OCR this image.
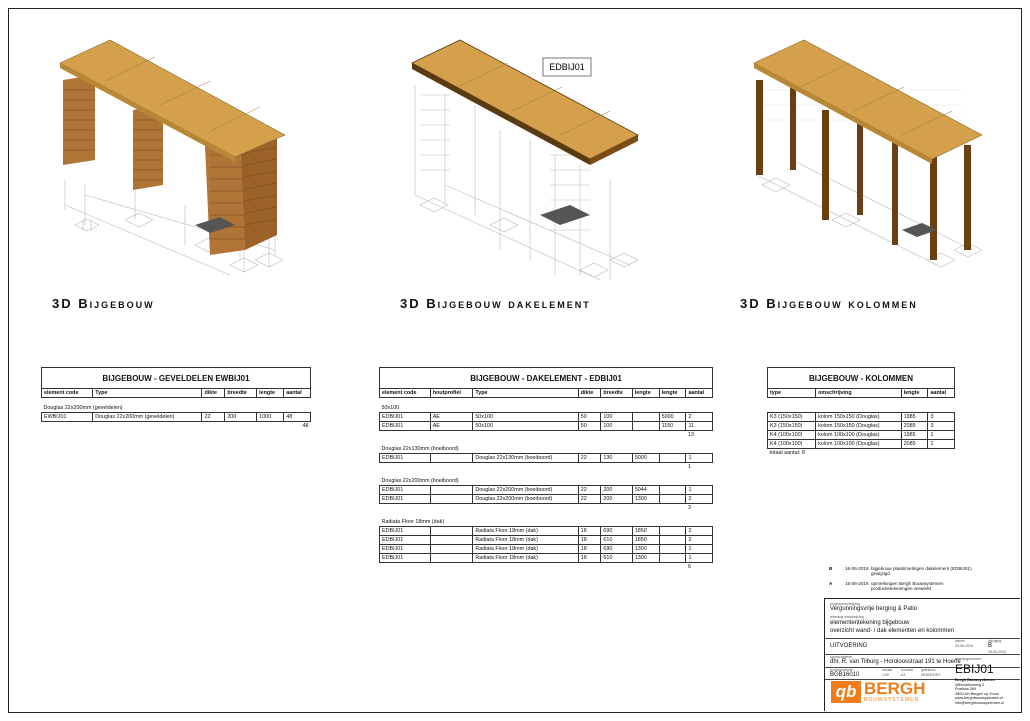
EDBIJ01
3D Bijgebouw	3D Bijgebouw dakelement	3D Bijgebouw kolommen
BIJGEBOUW - GEVELDELEN EWBIJ01
element code	Type	dikte	breedte	lengte	aantal
Douglas 22x200mm (geveldelen)					
EWBIJ01	Douglas 22x200mm (geveldelen)	22	200	1000	48
48					
BIJGEBOUW - DAKELEMENT - EDBIJ01
element code	houtprofiel	Type	dikte	breedte	lengte	lengte	aantal
50x100							
EDBIJ01	AE	50x100	50	100		5000	2
EDBIJ01	AE	50x100	50	100		1150	11
							13
Douglas 22x130mm (boeiboord)							
EDBIJ01		Douglas 22x130mm (boeiboord)	22	130	5000		1
							1
Douglas 22x200mm (boeiboord)							
EDBIJ01		Douglas 22x200mm (boeiboord)	22	200	5044		1
EDBIJ01		Douglas 22x200mm (boeiboord)	22	200	1300		2
							3
Radiata Floor 18mm (dak)							
EDBIJ01		Radiata Floor 18mm (dak)	18	690	1850		2
EDBIJ01		Radiata Floor 18mm (dak)	18	610	1850		2
EDBIJ01		Radiata Floor 18mm (dak)	18	690	1300		1
EDBIJ01		Radiata Floor 18mm (dak)	18	610	1300		1
							6
BIJGEBOUW - KOLOMMEN
type	omschrijving	lengte	aantal

K3 (150x150)	kolom 150x150 (Douglas)	1985	3
K3 (150x150)	kolom 150x150 (Douglas)	2085	3
K4 (100x100)	kolom 100x100 (Douglas)	1985	1
K4 (100x100)	kolom 100x100 (Douglas)	2085	1
totaal aantal: 8			
B	16-06-2016 bijgebouw plaatsmetingen dakelement (EDBIJ01) gewijzigd
A	15-06-2016 opmerkingen Bergh Bouwsystemen productietekeningen verwerkt
projectomschrijving
Vergunningsvrije berging & Patio
tekening omschrijving
elemententekening bijgebouw
overzicht wand- / dak elementen en kolommen
UITVOERING
datum
09-06-2016
wijziging
B
16-06-2016
opdrachtgever
dhr. R. van Tilburg - Horoloosstraat 191 te Hoerle
projectnummer
BGB16010
schaal
1:50
formaat
A3
getekend
DENNYHEX
tekeningnummer
EBIJ01
qb BERGH
BOUWSYSTEMEN
Bergh Bouwsystemen
Witbroekseweg 2
Postbus 360
4800 AH Bergen op Zoom
www.berghbouwsystemen.nl
info@berghbouwsystemen.nl
